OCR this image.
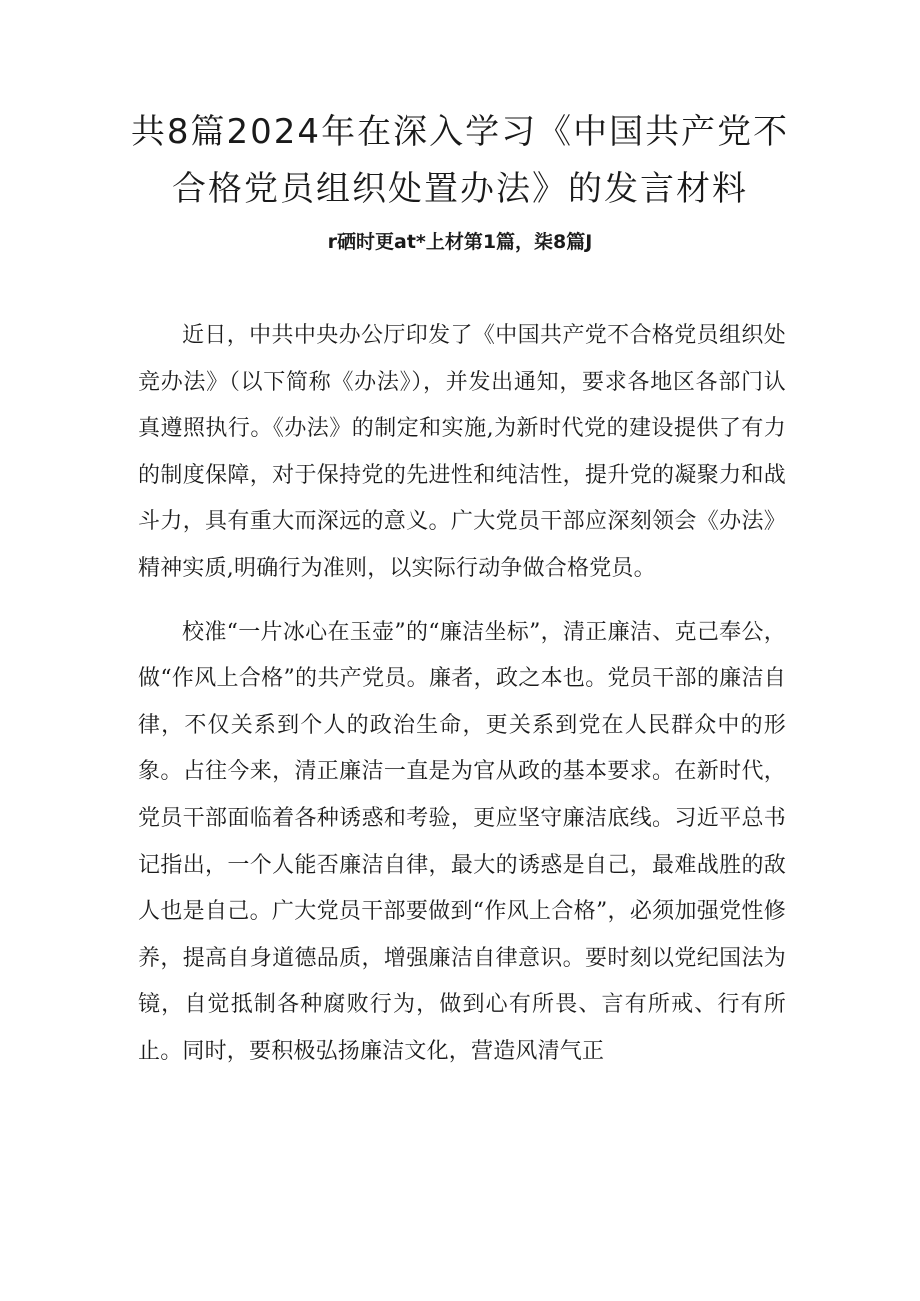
共8篇2024年在深入学习《中国共产党不
合格党员组织处置办法》的发言材料

r硒时更at*上材第1篇，柒8篇J

近日，中共中央办公厅印发了《中国共产党不合格党员组织处竞办法》（以下简称《办法》），并发出通知，要求各地区各部门认真遵照执行。《办法》的制定和实施,为新时代党的建设提供了有力的制度保障，对于保持党的先进性和纯洁性，提升党的凝聚力和战斗力，具有重大而深远的意义。广大党员干部应深刻领会《办法》精神实质,明确行为准则，以实际行动争做合格党员。

校准“一片冰心在玉壶”的“廉洁坐标”，清正廉洁、克己奉公，做“作风上合格”的共产党员。廉者，政之本也。党员干部的廉洁自律，不仅关系到个人的政治生命，更关系到党在人民群众中的形象。占往今来，清正廉洁一直是为官从政的基本要求。在新时代，党员干部面临着各种诱惑和考验，更应坚守廉洁底线。习近平总书记指出，一个人能否廉洁自律，最大的诱惑是自己，最难战胜的敌人也是自己。广大党员干部要做到“作风上合格”，必须加强党性修养，提高自身道德品质，增强廉洁自律意识。要时刻以党纪国法为镜，自觉抵制各种腐败行为，做到心有所畏、言有所戒、行有所止。同时，要积极弘扬廉洁文化，营造风清气正
